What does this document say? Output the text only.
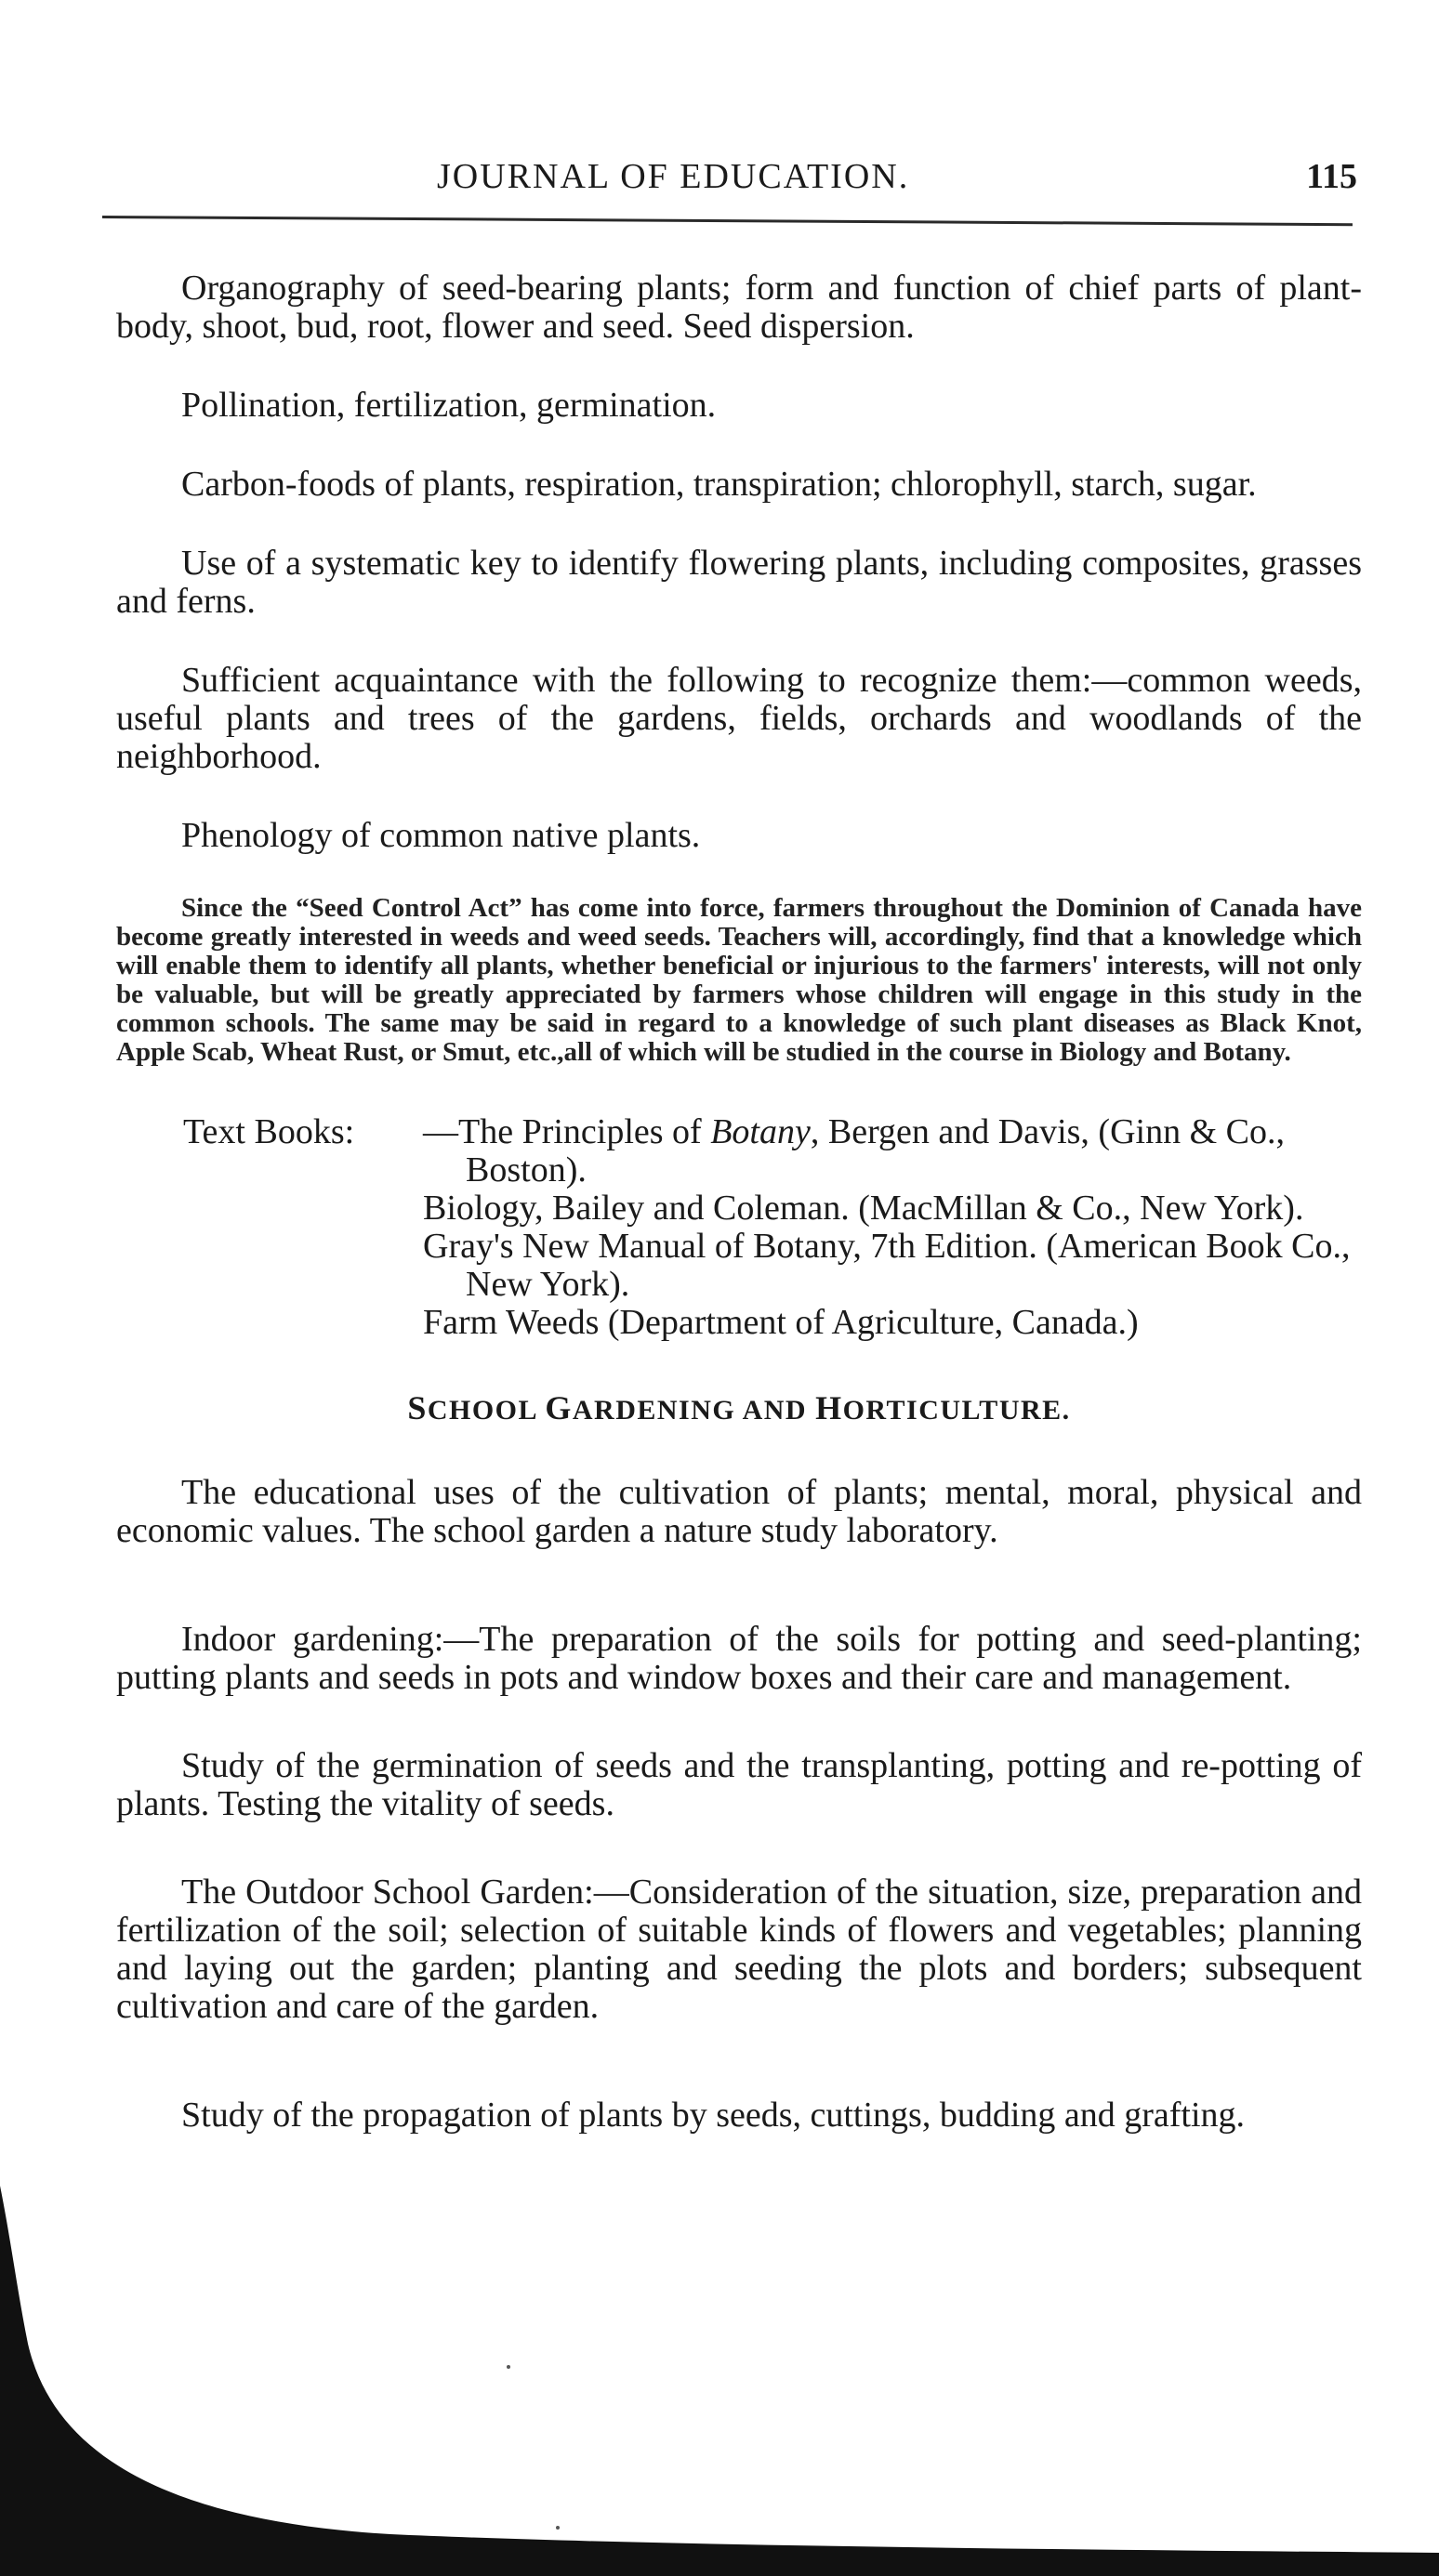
JOURNAL OF EDUCATION.	115

Organography of seed-bearing plants; form and function of chief parts of plant-body, shoot, bud, root, flower and seed. Seed dispersion.

Pollination, fertilization, germination.

Carbon-foods of plants, respiration, transpiration; chlorophyll, starch, sugar.

Use of a systematic key to identify flowering plants, including composites, grasses and ferns.

Sufficient acquaintance with the following to recognize them:—common weeds, useful plants and trees of the gardens, fields, orchards and woodlands of the neighborhood.

Phenology of common native plants.

Since the “Seed Control Act” has come into force, farmers throughout the Dominion of Canada have become greatly interested in weeds and weed seeds. Teachers will, accordingly, find that a knowledge which will enable them to identify all plants, whether beneficial or injurious to the farmers' interests, will not only be valuable, but will be greatly appreciated by farmers whose children will engage in this study in the common schools. The same may be said in regard to a knowledge of such plant diseases as Black Knot, Apple Scab, Wheat Rust, or Smut, etc.,all of which will be studied in the course in Biology and Botany.

Text Books: —The Principles of Botany, Bergen and Davis, (Ginn & Co., Boston).
Biology, Bailey and Coleman. (MacMillan & Co., New York).
Gray's New Manual of Botany, 7th Edition. (American Book Co., New York).
Farm Weeds (Department of Agriculture, Canada.)
SCHOOL GARDENING AND HORTICULTURE.

The educational uses of the cultivation of plants; mental, moral, physical and economic values. The school garden a nature study laboratory.

Indoor gardening:—The preparation of the soils for potting and seed-planting; putting plants and seeds in pots and window boxes and their care and management.

Study of the germination of seeds and the transplanting, potting and re-potting of plants. Testing the vitality of seeds.

The Outdoor School Garden:—Consideration of the situation, size, preparation and fertilization of the soil; selection of suitable kinds of flowers and vegetables; planning and laying out the garden; planting and seeding the plots and borders; subsequent cultivation and care of the garden.

Study of the propagation of plants by seeds, cuttings, budding and grafting.
